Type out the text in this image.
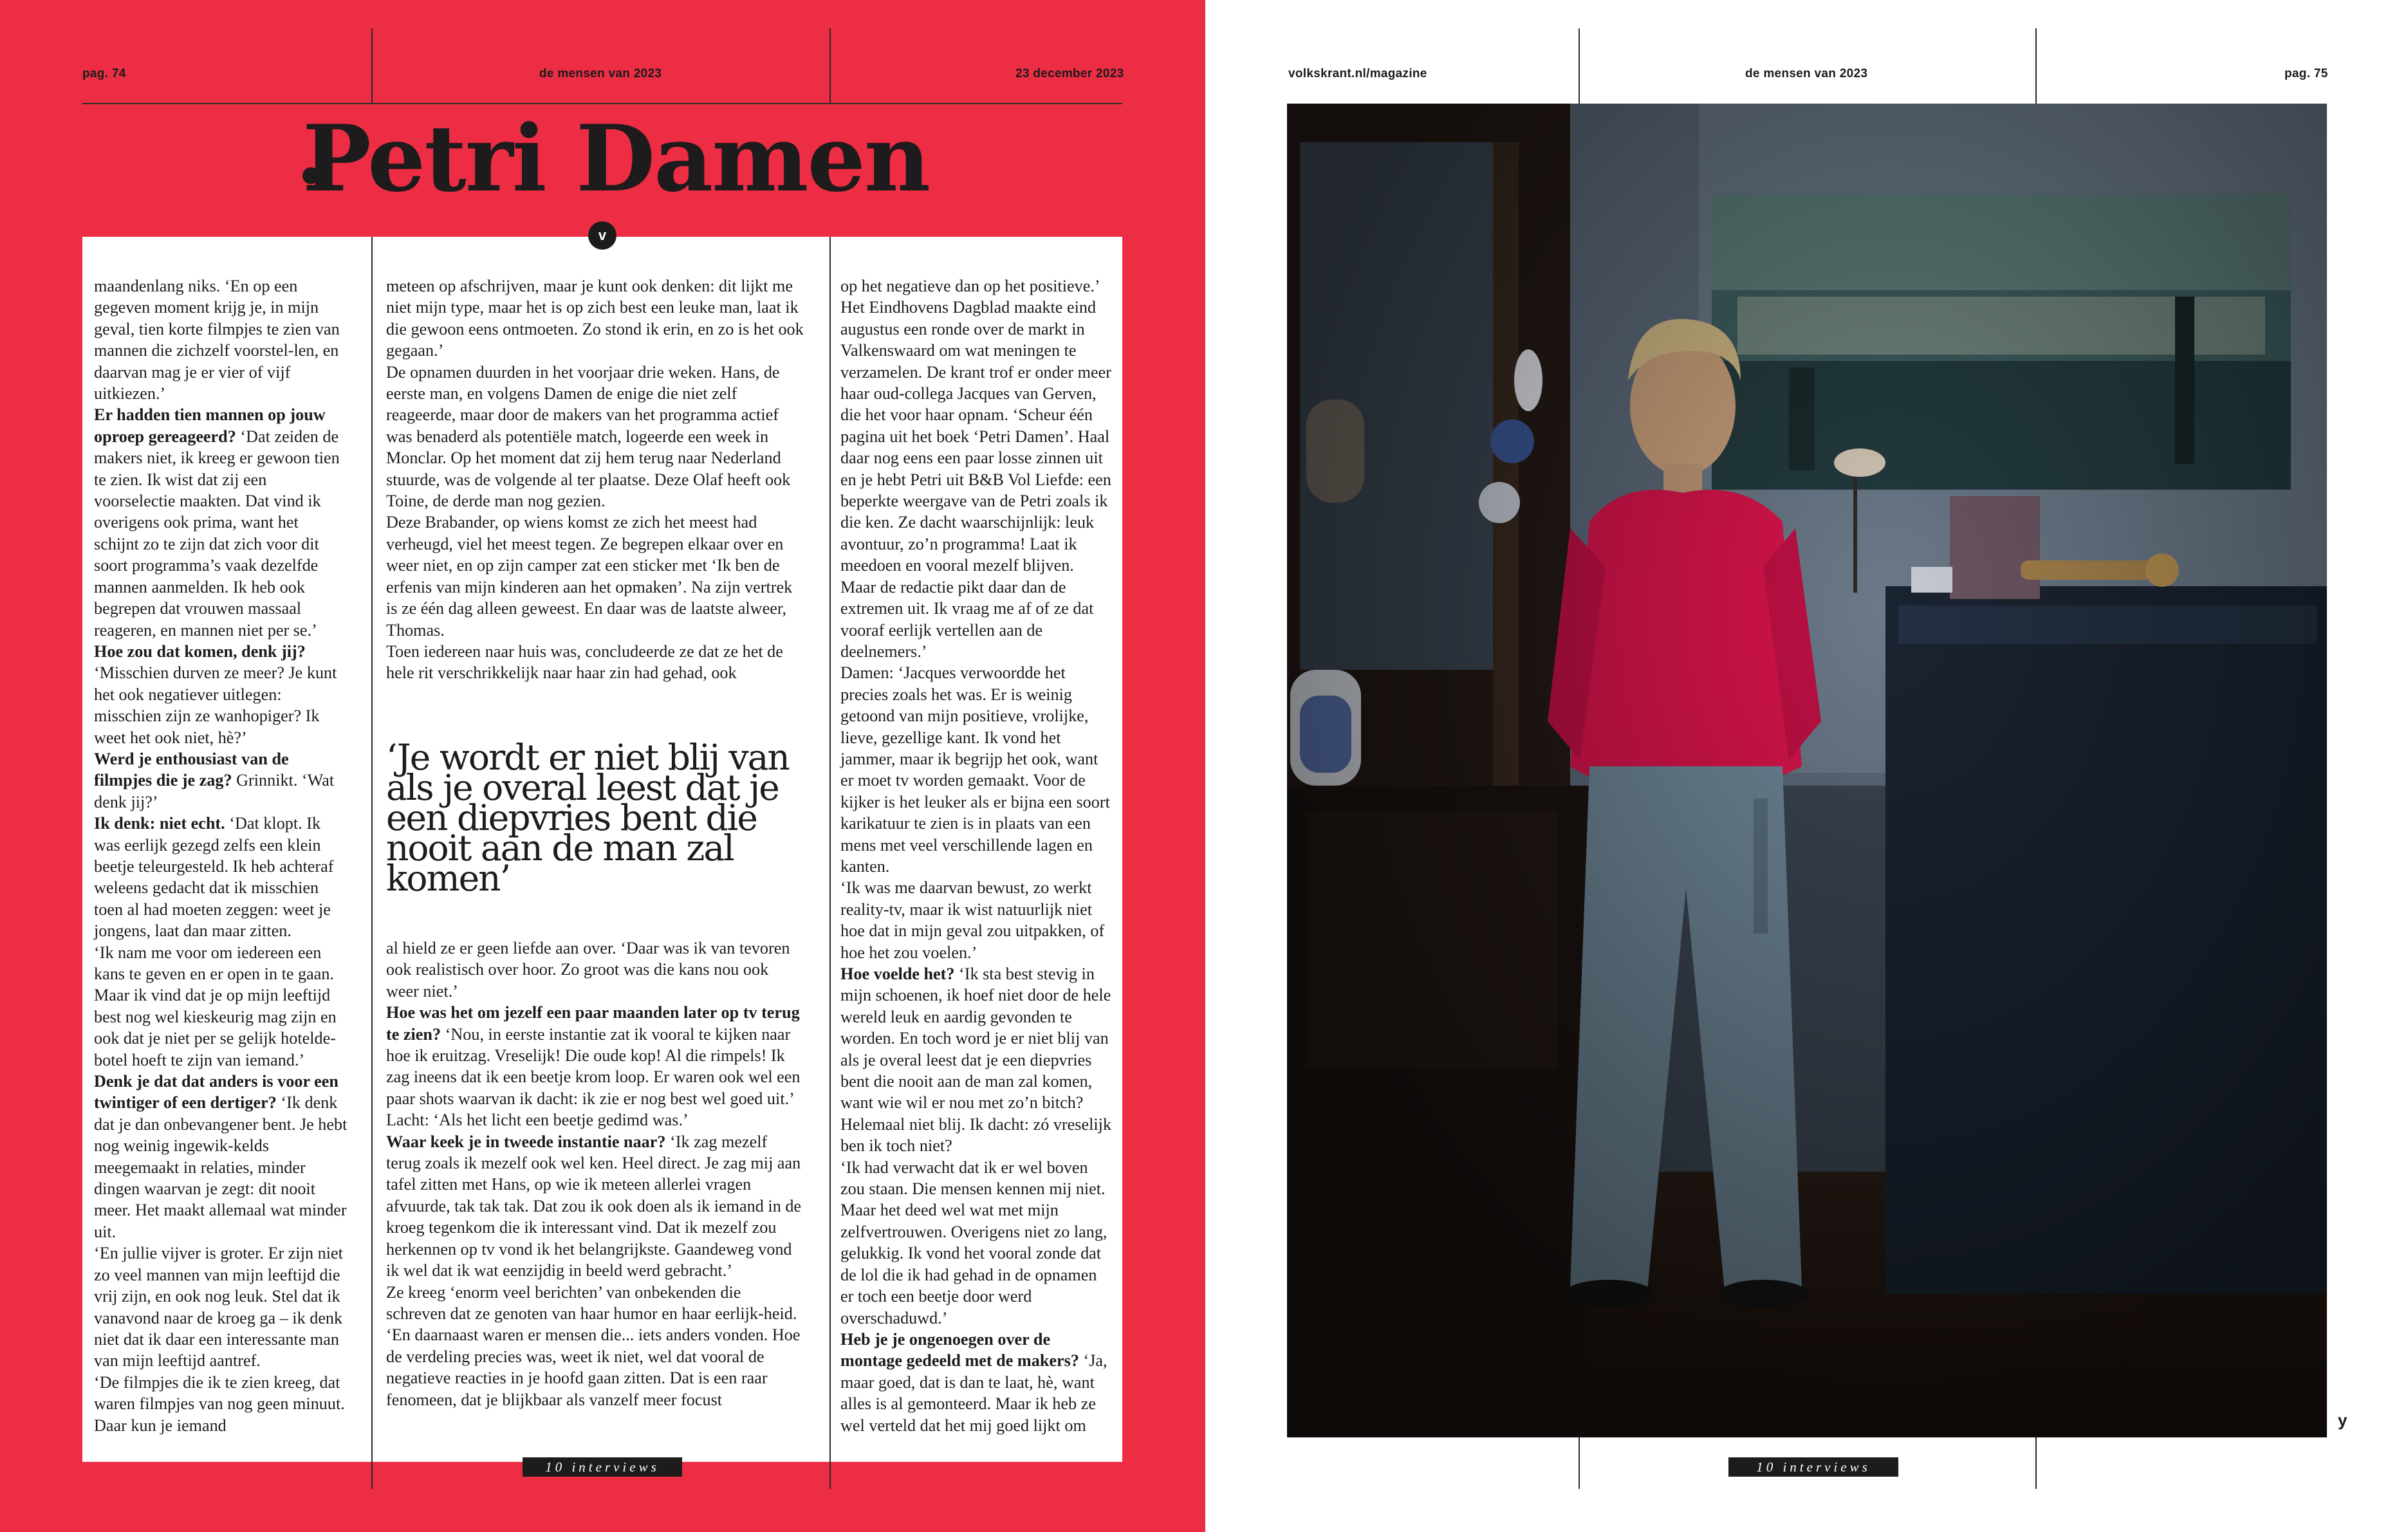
pag. 74	de mensen van 2023	23 december 2023
Petri Damen
v

maandenlang niks. ‘En op een gegeven moment krijg je, in mijn geval, tien korte filmpjes te zien van mannen die zichzelf voorstel-len, en daarvan mag je er vier of vijf uitkiezen.’

Er hadden tien mannen op jouw oproep gereageerd? ‘Dat zeiden de makers niet, ik kreeg er gewoon tien te zien. Ik wist dat zij een voorselectie maakten. Dat vind ik overigens ook prima, want het schijnt zo te zijn dat zich voor dit soort programma’s vaak dezelfde mannen aanmelden. Ik heb ook begrepen dat vrouwen massaal reageren, en mannen niet per se.’

Hoe zou dat komen, denk jij?

‘Misschien durven ze meer? Je kunt het ook negatiever uitlegen: misschien zijn ze wanhopiger? Ik weet het ook niet, hè?’

Werd je enthousiast van de filmpjes die je zag? Grinnikt. ‘Wat denk jij?’

Ik denk: niet echt. ‘Dat klopt. Ik was eerlijk gezegd zelfs een klein beetje teleurgesteld. Ik heb achteraf weleens gedacht dat ik misschien toen al had moeten zeggen: weet je jongens, laat dan maar zitten.

‘Ik nam me voor om iedereen een kans te geven en er open in te gaan. Maar ik vind dat je op mijn leeftijd best nog wel kieskeurig mag zijn en ook dat je niet per se gelijk hotelde-botel hoeft te zijn van iemand.’

Denk je dat dat anders is voor een twintiger of een dertiger? ‘Ik denk dat je dan onbevangener bent. Je hebt nog weinig ingewik-kelds meegemaakt in relaties, minder dingen waarvan je zegt: dit nooit meer. Het maakt allemaal wat minder uit.

‘En jullie vijver is groter. Er zijn niet zo veel mannen van mijn leeftijd die vrij zijn, en ook nog leuk. Stel dat ik vanavond naar de kroeg ga – ik denk niet dat ik daar een interessante man van mijn leeftijd aantref.

‘De filmpjes die ik te zien kreeg, dat waren filmpjes van nog geen minuut. Daar kun je iemand

meteen op afschrijven, maar je kunt ook denken: dit lijkt me niet mijn type, maar het is op zich best een leuke man, laat ik die gewoon eens ontmoeten. Zo stond ik erin, en zo is het ook gegaan.’

De opnamen duurden in het voorjaar drie weken. Hans, de eerste man, en volgens Damen de enige die niet zelf reageerde, maar door de makers van het programma actief was benaderd als potentiële match, logeerde een week in Monclar. Op het moment dat zij hem terug naar Nederland stuurde, was de volgende al ter plaatse. Deze Olaf heeft ook Toine, de derde man nog gezien.

Deze Brabander, op wiens komst ze zich het meest had verheugd, viel het meest tegen. Ze begrepen elkaar over en weer niet, en op zijn camper zat een sticker met ‘Ik ben de erfenis van mijn kinderen aan het opmaken’. Na zijn vertrek is ze één dag alleen geweest. En daar was de laatste alweer, Thomas.

Toen iedereen naar huis was, concludeerde ze dat ze het de hele rit verschrikkelijk naar haar zin had gehad, ook

‘Je wordt er niet blij van als je overal leest dat je een diepvries bent die nooit aan de man zal komen’

al hield ze er geen liefde aan over. ‘Daar was ik van tevoren ook realistisch over hoor. Zo groot was die kans nou ook weer niet.’

Hoe was het om jezelf een paar maanden later op tv terug te zien? ‘Nou, in eerste instantie zat ik vooral te kijken naar hoe ik eruitzag. Vreselijk! Die oude kop! Al die rimpels! Ik zag ineens dat ik een beetje krom loop. Er waren ook wel een paar shots waarvan ik dacht: ik zie er nog best wel goed uit.’ Lacht: ‘Als het licht een beetje gedimd was.’

Waar keek je in tweede instantie naar? ‘Ik zag mezelf terug zoals ik mezelf ook wel ken. Heel direct. Je zag mij aan tafel zitten met Hans, op wie ik meteen allerlei vragen afvuurde, tak tak tak. Dat zou ik ook doen als ik iemand in de kroeg tegenkom die ik interessant vind. Dat ik mezelf zou herkennen op tv vond ik het belangrijkste. Gaandeweg vond ik wel dat ik wat eenzijdig in beeld werd gebracht.’

Ze kreeg ‘enorm veel berichten’ van onbekenden die schreven dat ze genoten van haar humor en haar eerlijk-heid. ‘En daarnaast waren er mensen die... iets anders vonden. Hoe de verdeling precies was, weet ik niet, wel dat vooral de negatieve reacties in je hoofd gaan zitten. Dat is een raar fenomeen, dat je blijkbaar als vanzelf meer focust

op het negatieve dan op het positieve.’

Het Eindhovens Dagblad maakte eind augustus een ronde over de markt in Valkenswaard om wat meningen te verzamelen. De krant trof er onder meer haar oud-collega Jacques van Gerven, die het voor haar opnam. ‘Scheur één pagina uit het boek ‘Petri Damen’. Haal daar nog eens een paar losse zinnen uit en je hebt Petri uit B&B Vol Liefde: een beperkte weergave van de Petri zoals ik die ken. Ze dacht waarschijnlijk: leuk avontuur, zo’n programma! Laat ik meedoen en vooral mezelf blijven. Maar de redactie pikt daar dan de extremen uit. Ik vraag me af of ze dat vooraf eerlijk vertellen aan de deelnemers.’

Damen: ‘Jacques verwoordde het precies zoals het was. Er is weinig getoond van mijn positieve, vrolijke, lieve, gezellige kant. Ik vond het jammer, maar ik begrijp het ook, want er moet tv worden gemaakt. Voor de kijker is het leuker als er bijna een soort karikatuur te zien is in plaats van een mens met veel verschillende lagen en kanten.

‘Ik was me daarvan bewust, zo werkt reality-tv, maar ik wist natuurlijk niet hoe dat in mijn geval zou uitpakken, of hoe het zou voelen.’

Hoe voelde het? ‘Ik sta best stevig in mijn schoenen, ik hoef niet door de hele wereld leuk en aardig gevonden te worden. En toch word je er niet blij van als je overal leest dat je een diepvries bent die nooit aan de man zal komen, want wie wil er nou met zo’n bitch? Helemaal niet blij. Ik dacht: zó vreselijk ben ik toch niet?

‘Ik had verwacht dat ik er wel boven zou staan. Die mensen kennen mij niet. Maar het deed wel wat met mijn zelfvertrouwen. Overigens niet zo lang, gelukkig. Ik vond het vooral zonde dat de lol die ik had gehad in de opnamen er toch een beetje door werd overschaduwd.’

Heb je je ongenoegen over de montage gedeeld met de makers? ‘Ja, maar goed, dat is dan te laat, hè, want alles is al gemonteerd. Maar ik heb ze wel verteld dat het mij goed lijkt om

10 interviews
volkskrant.nl/magazine	de mensen van 2023	pag. 75
10 interviews
y
